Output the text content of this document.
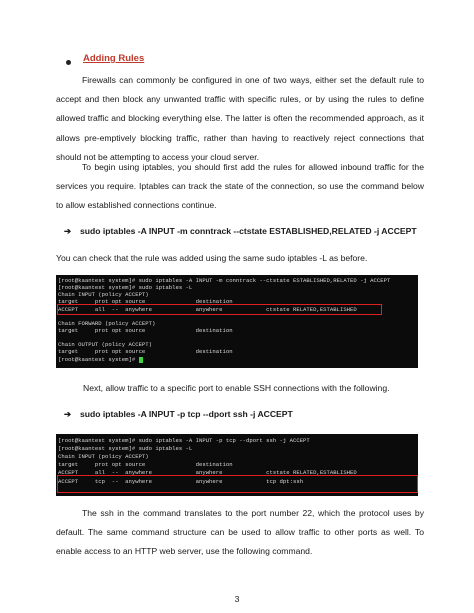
Adding Rules

Firewalls can commonly be configured in one of two ways, either set the default rule to accept and then block any unwanted traffic with specific rules, or by using the rules to define allowed traffic and blocking everything else. The latter is often the recommended approach, as it allows pre-emptively blocking traffic, rather than having to reactively reject connections that should not be attempting to access your cloud server.

To begin using iptables, you should first add the rules for allowed inbound traffic for the services you require. Iptables can track the state of the connection, so use the command below to allow established connections continue.

➔ sudo iptables -A INPUT -m conntrack --ctstate ESTABLISHED,RELATED -j ACCEPT

You can check that the rule was added using the same sudo iptables -L as before.

[root@kaantest system]# sudo iptables -A INPUT -m conntrack --ctstate ESTABLISHED,RELATED -j ACCEPT
[root@kaantest system]# sudo iptables -L
Chain INPUT (policy ACCEPT)
target     prot opt source               destination
ACCEPT     all  --  anywhere             anywhere             ctstate RELATED,ESTABLISHED
Chain FORWARD (policy ACCEPT)
target     prot opt source               destination
Chain OUTPUT (policy ACCEPT)
target     prot opt source               destination
[root@kaantest system]#

Next, allow traffic to a specific port to enable SSH connections with the following.

➔ sudo iptables -A INPUT -p tcp --dport ssh -j ACCEPT
[root@kaantest system]# sudo iptables -A INPUT -p tcp --dport ssh -j ACCEPT
[root@kaantest system]# sudo iptables -L
Chain INPUT (policy ACCEPT)
target     prot opt source               destination
ACCEPT     all  --  anywhere             anywhere             ctstate RELATED,ESTABLISHED
ACCEPT     tcp  --  anywhere             anywhere             tcp dpt:ssh

The ssh in the command translates to the port number 22, which the protocol uses by default. The same command structure can be used to allow traffic to other ports as well. To enable access to an HTTP web server, use the following command.

3
